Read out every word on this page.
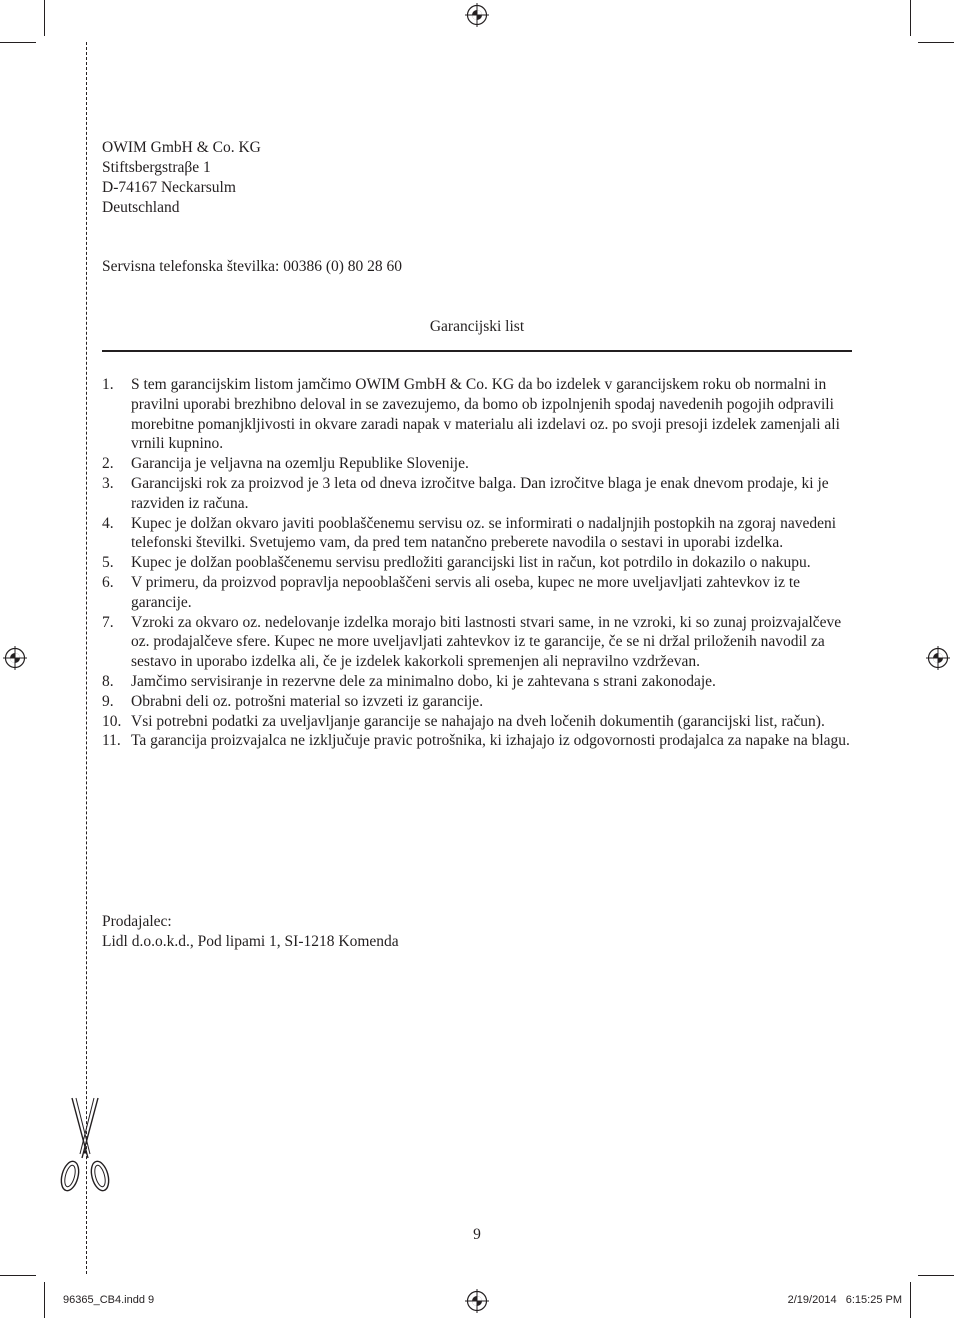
OWIM GmbH & Co. KG
Stiftsbergstraβe 1
D-74167 Neckarsulm
Deutschland
Servisna telefonska številka: 00386 (0) 80 28 60
Garancijski list
1. S tem garancijskim listom jamčimo OWIM GmbH & Co. KG da bo izdelek v garancijskem roku ob normalni in pravilni uporabi brezhibno deloval in se zavezujemo, da bomo ob izpolnjenih spodaj navedenih pogojih odpravili morebitne pomanjkljivosti in okvare zaradi napak v materialu ali izdelavi oz. po svoji presoji izdelek zamenjali ali vrnili kupnino.
2. Garancija je veljavna na ozemlju Republike Slovenije.
3. Garancijski rok za proizvod je 3 leta od dneva izročitve balga. Dan izročitve blaga je enak dnevom prodaje, ki je razviden iz računa.
4. Kupec je dolžan okvaro javiti pooblaščenemu servisu oz. se informirati o nadaljnjih postopkih na zgoraj navedeni telefonski številki. Svetujemo vam, da pred tem natančno preberete navodila o sestavi in uporabi izdelka.
5. Kupec je dolžan pooblaščenemu servisu predložiti garancijski list in račun, kot potrdilo in dokazilo o nakupu.
6. V primeru, da proizvod popravlja nepooblaščeni servis ali oseba, kupec ne more uveljavljati zahtevkov iz te garancije.
7. Vzroki za okvaro oz. nedelovanje izdelka morajo biti lastnosti stvari same, in ne vzroki, ki so zunaj proizvajalčeve oz. prodajalčeve sfere. Kupec ne more uveljavljati zahtevkov iz te garancije, če se ni držal priloženih navodil za sestavo in uporabo izdelka ali, če je izdelek kakorkoli spremenjen ali nepravilno vzdrževan.
8. Jamčimo servisiranje in rezervne dele za minimalno dobo, ki je zahtevana s strani zakonodaje.
9. Obrabni deli oz. potrošni material so izvzeti iz garancije.
10. Vsi potrebni podatki za uveljavljanje garancije se nahajajo na dveh ločenih dokumentih (garancijski list, račun).
11. Ta garancija proizvajalca ne izključuje pravic potrošnika, ki izhajajo iz odgovornosti prodajalca za napake na blagu.
Prodajalec:
Lidl d.o.o.k.d., Pod lipami 1, SI-1218 Komenda
9
96365_CB4.indd 9	2/19/2014   6:15:25 PM
